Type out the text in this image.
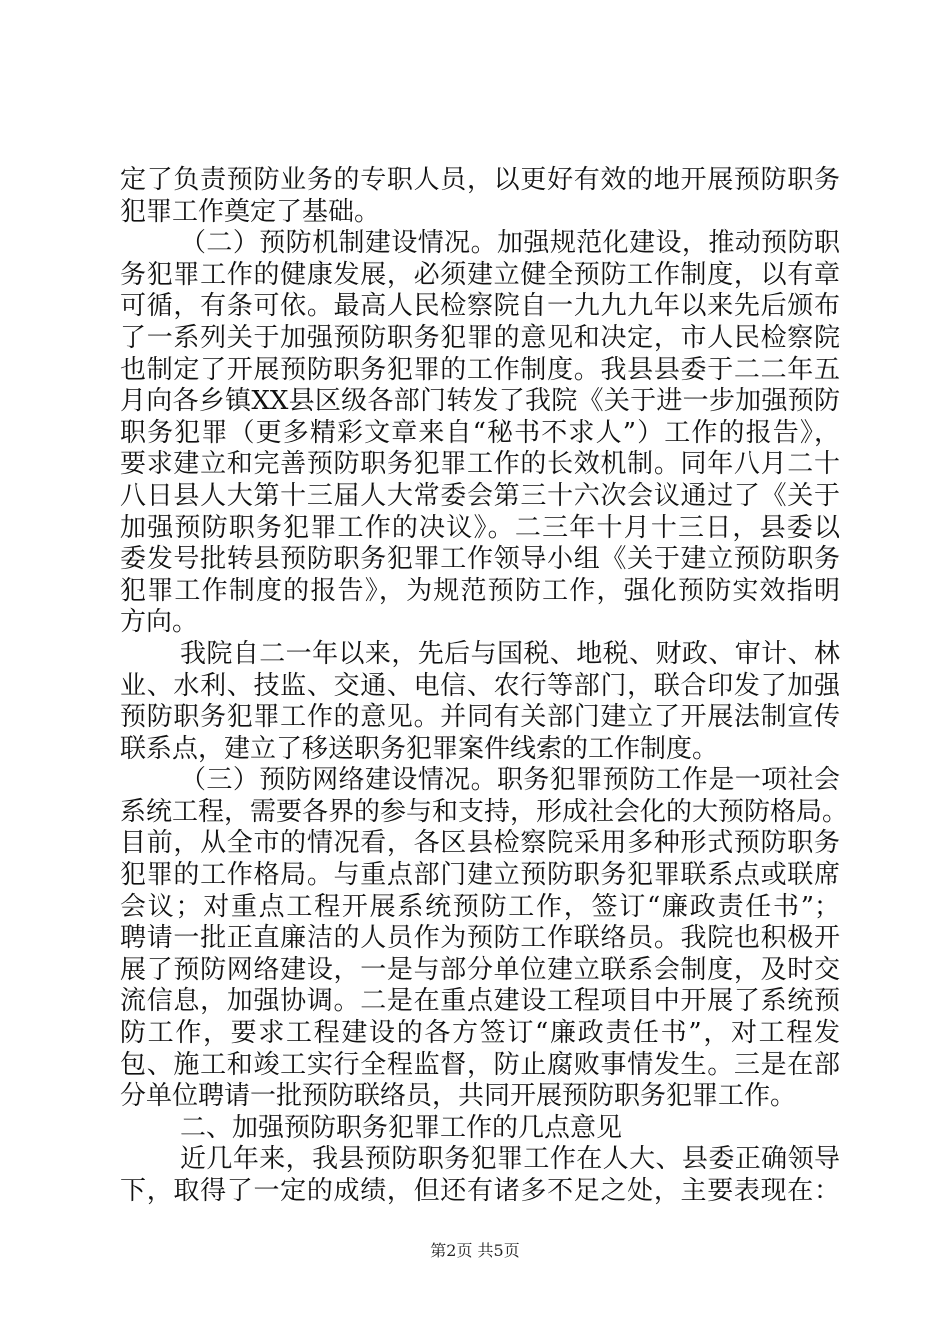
定了负责预防业务的专职人员，以更好有效的地开展预防职务
犯罪工作奠定了基础。
（二）预防机制建设情况。加强规范化建设，推动预防职
务犯罪工作的健康发展，必须建立健全预防工作制度，以有章
可循，有条可依。最高人民检察院自一九九九年以来先后颁布
了一系列关于加强预防职务犯罪的意见和决定，市人民检察院
也制定了开展预防职务犯罪的工作制度。我县县委于二二年五
月向各乡镇XX县区级各部门转发了我院《关于进一步加强预防
职务犯罪（更多精彩文章来自“秘书不求人”）工作的报告》，
要求建立和完善预防职务犯罪工作的长效机制。同年八月二十
八日县人大第十三届人大常委会第三十六次会议通过了《关于
加强预防职务犯罪工作的决议》。二三年十月十三日，县委以
委发号批转县预防职务犯罪工作领导小组《关于建立预防职务
犯罪工作制度的报告》，为规范预防工作，强化预防实效指明
方向。
我院自二一年以来，先后与国税、地税、财政、审计、林
业、水利、技监、交通、电信、农行等部门，联合印发了加强
预防职务犯罪工作的意见。并同有关部门建立了开展法制宣传
联系点，建立了移送职务犯罪案件线索的工作制度。
（三）预防网络建设情况。职务犯罪预防工作是一项社会
系统工程，需要各界的参与和支持，形成社会化的大预防格局。
目前，从全市的情况看，各区县检察院采用多种形式预防职务
犯罪的工作格局。与重点部门建立预防职务犯罪联系点或联席
会议；对重点工程开展系统预防工作，签订“廉政责任书”；
聘请一批正直廉洁的人员作为预防工作联络员。我院也积极开
展了预防网络建设，一是与部分单位建立联系会制度，及时交
流信息，加强协调。二是在重点建设工程项目中开展了系统预
防工作，要求工程建设的各方签订“廉政责任书”，对工程发
包、施工和竣工实行全程监督，防止腐败事情发生。三是在部
分单位聘请一批预防联络员，共同开展预防职务犯罪工作。
二、加强预防职务犯罪工作的几点意见
近几年来，我县预防职务犯罪工作在人大、县委正确领导
下，取得了一定的成绩，但还有诸多不足之处，主要表现在：
第2页 共5页
